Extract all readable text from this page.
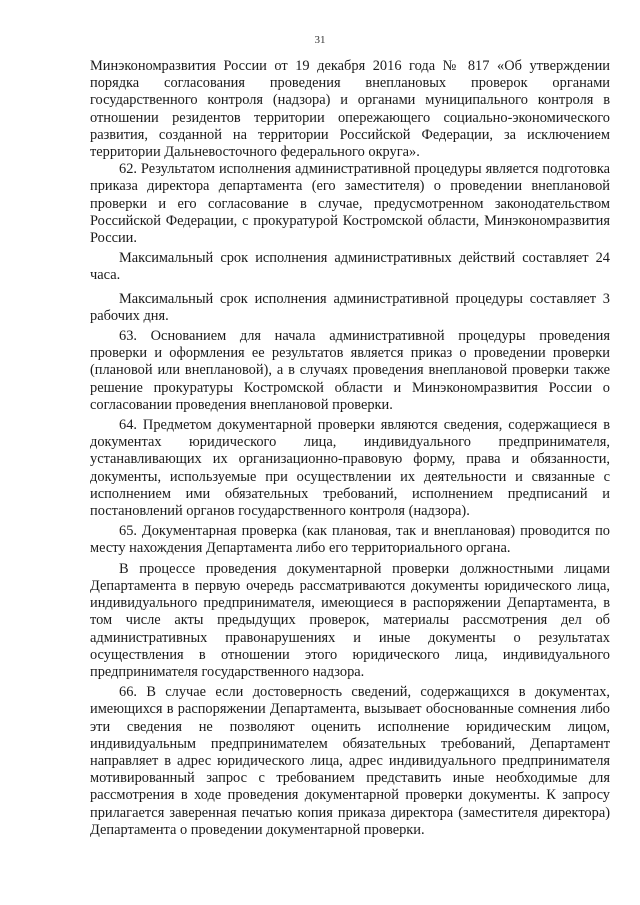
31

Минэкономразвития России от 19 декабря 2016 года № 817 «Об утверждении порядка согласования проведения внеплановых проверок органами государственного контроля (надзора) и органами муниципального контроля в отношении резидентов территории опережающего социально-экономического развития, созданной на территории Российской Федерации, за исключением территории Дальневосточного федерального округа».

62. Результатом исполнения административной процедуры является подготовка приказа директора департамента (его заместителя) о проведении внеплановой проверки и его согласование в случае, предусмотренном законодательством Российской Федерации, с прокуратурой Костромской области, Минэкономразвития России.

Максимальный срок исполнения административных действий составляет 24 часа.

Максимальный срок исполнения административной процедуры составляет 3 рабочих дня.

63. Основанием для начала административной процедуры проведения проверки и оформления ее результатов является приказ о проведении проверки (плановой или внеплановой), а в случаях проведения внеплановой проверки также решение прокуратуры Костромской области и Минэкономразвития России о согласовании проведения внеплановой проверки.

64. Предметом документарной проверки являются сведения, содержащиеся в документах юридического лица, индивидуального предпринимателя, устанавливающих их организационно-правовую форму, права и обязанности, документы, используемые при осуществлении их деятельности и связанные с исполнением ими обязательных требований, исполнением предписаний и постановлений органов государственного контроля (надзора).

65. Документарная проверка (как плановая, так и внеплановая) проводится по месту нахождения Департамента либо его территориального органа.

В процессе проведения документарной проверки должностными лицами Департамента в первую очередь рассматриваются документы юридического лица, индивидуального предпринимателя, имеющиеся в распоряжении Департамента, в том числе акты предыдущих проверок, материалы рассмотрения дел об административных правонарушениях и иные документы о результатах осуществления в отношении этого юридического лица, индивидуального предпринимателя государственного надзора.

66. В случае если достоверность сведений, содержащихся в документах, имеющихся в распоряжении Департамента, вызывает обоснованные сомнения либо эти сведения не позволяют оценить исполнение юридическим лицом, индивидуальным предпринимателем обязательных требований, Департамент направляет в адрес юридического лица, адрес индивидуального предпринимателя мотивированный запрос с требованием представить иные необходимые для рассмотрения в ходе проведения документарной проверки документы. К запросу прилагается заверенная печатью копия приказа директора (заместителя директора) Департамента о проведении документарной проверки.
